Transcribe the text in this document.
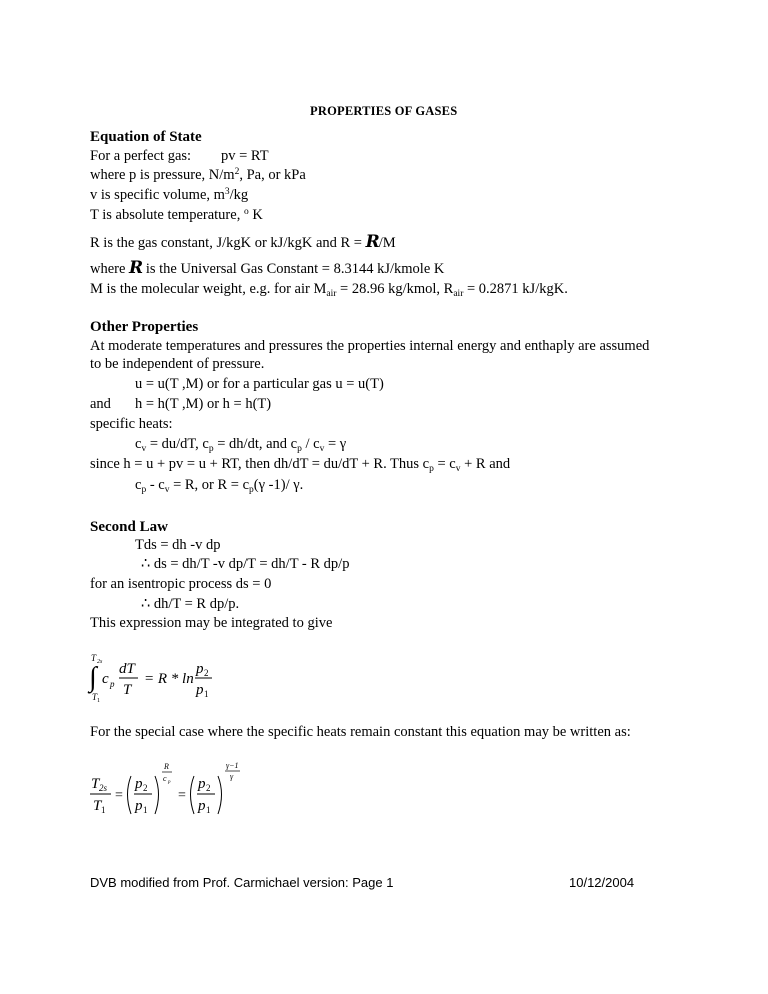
PROPERTIES OF GASES
Equation of State
For a perfect gas: pv = RT
where p is pressure, $N/m^2$, Pa, or kPa
v is specific volume, $m^3/kg$
T is absolute temperature, $^o$ K
R is the gas constant, J/kgK or kJ/kgK and R = R/M
where R is the Universal Gas Constant = 8.3144 kJ/kmole K
M is the molecular weight, e.g. for air $M_{air} = 28.96$ kg/kmol, $R_{air} = 0.2871$ kJ/kgK.
Other Properties
At moderate temperatures and pressures the properties internal energy and enthaply are assumed
to be independent of pressure.
u = u(T ,M) or for a particular gas u = u(T)
and h = h(T ,M) or h = h(T)
specific heats:
$c_v = du/dT$, $c_p = dh/dt$, and $c_p / c_v = \gamma$
since h = u + pv = u + RT, then dh/dT = du/dT + R. Thus $c_p = c_v + R$ and
$c_p - c_v = R$, or $R = c_p(\gamma$ -1)/ γ.
Second Law
Tds = dh -v dp
∴ ds = dh/T -v dp/T = dh/T - R dp/p
for an isentropic process ds = 0
∴ dh/T = R dp/p.
This expression may be integrated to give
T 2s
∫
T 1
c p
dT
T
= R * ln
p 2
p 1
For the special case where the specific heats remain constant this equation may be written as:
T 2s
T 1
=
p 2
p 1
R
c p
=
p 2
p 1
γ−1
γ
DVB modified from Prof. Carmichael version: Page 1	10/12/2004
